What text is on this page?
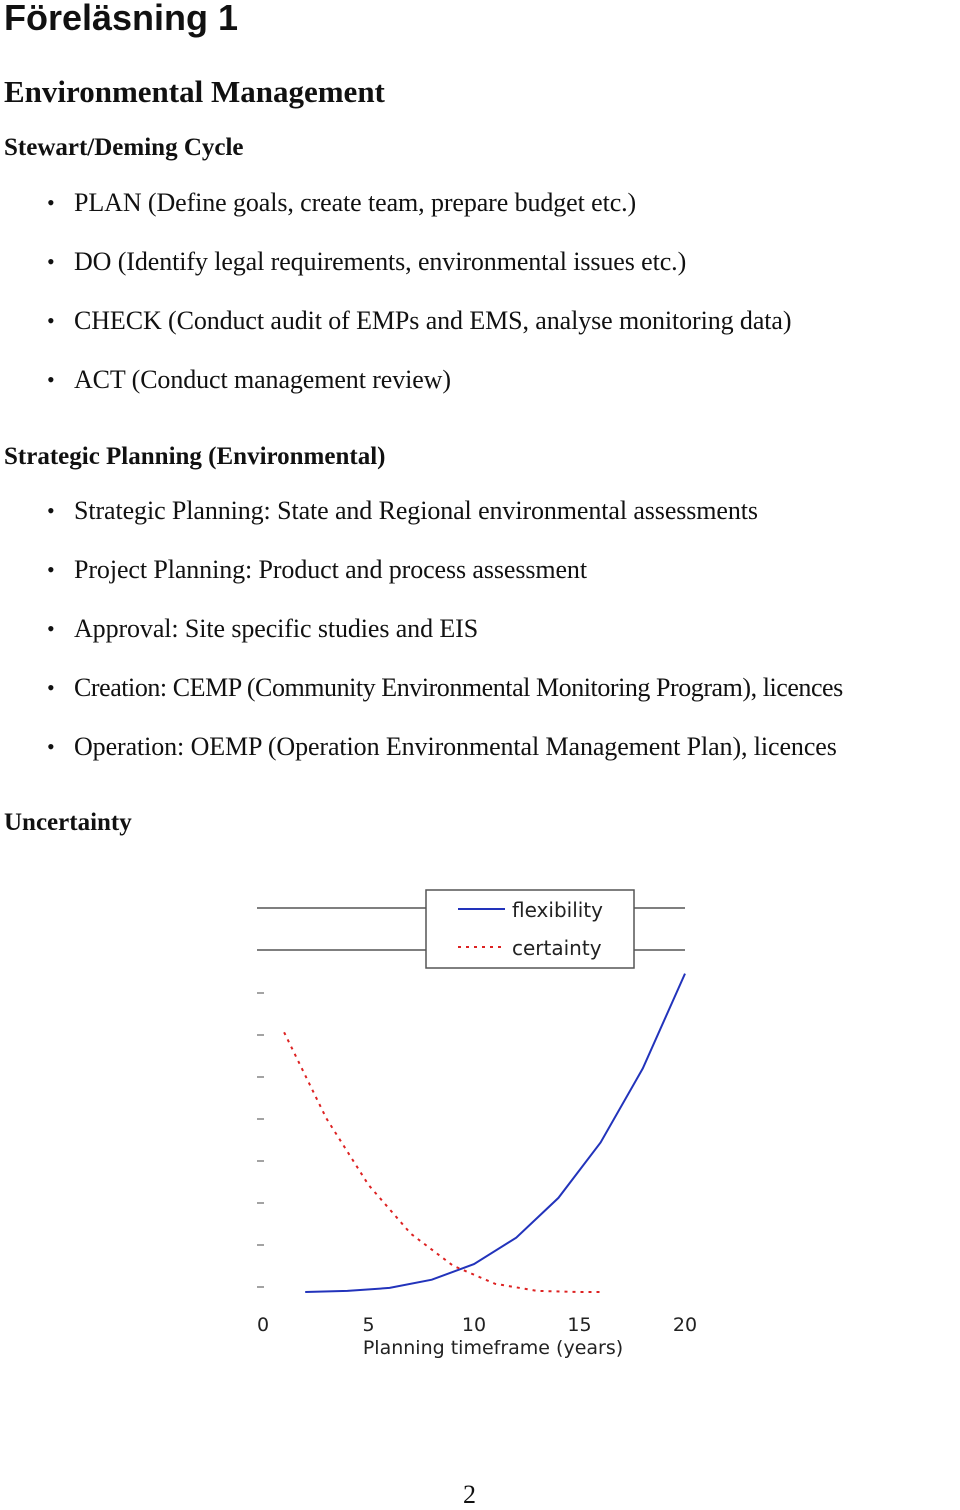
Föreläsning 1
Environmental Management
Stewart/Deming Cycle
• PLAN (Define goals, create team, prepare budget etc.)
• DO (Identify legal requirements, environmental issues etc.)
• CHECK (Conduct audit of EMPs and EMS, analyse monitoring data)
• ACT (Conduct management review)
Strategic Planning (Environmental)
• Strategic Planning: State and Regional environmental assessments
• Project Planning: Product and process assessment
• Approval: Site specific studies and EIS
• Creation: CEMP (Community Environmental Monitoring Program), licences
• Operation: OEMP (Operation Environmental Management Plan), licences
Uncertainty
flexibility
certainty
0	5	10	15	20
Planning timeframe (years)
2
